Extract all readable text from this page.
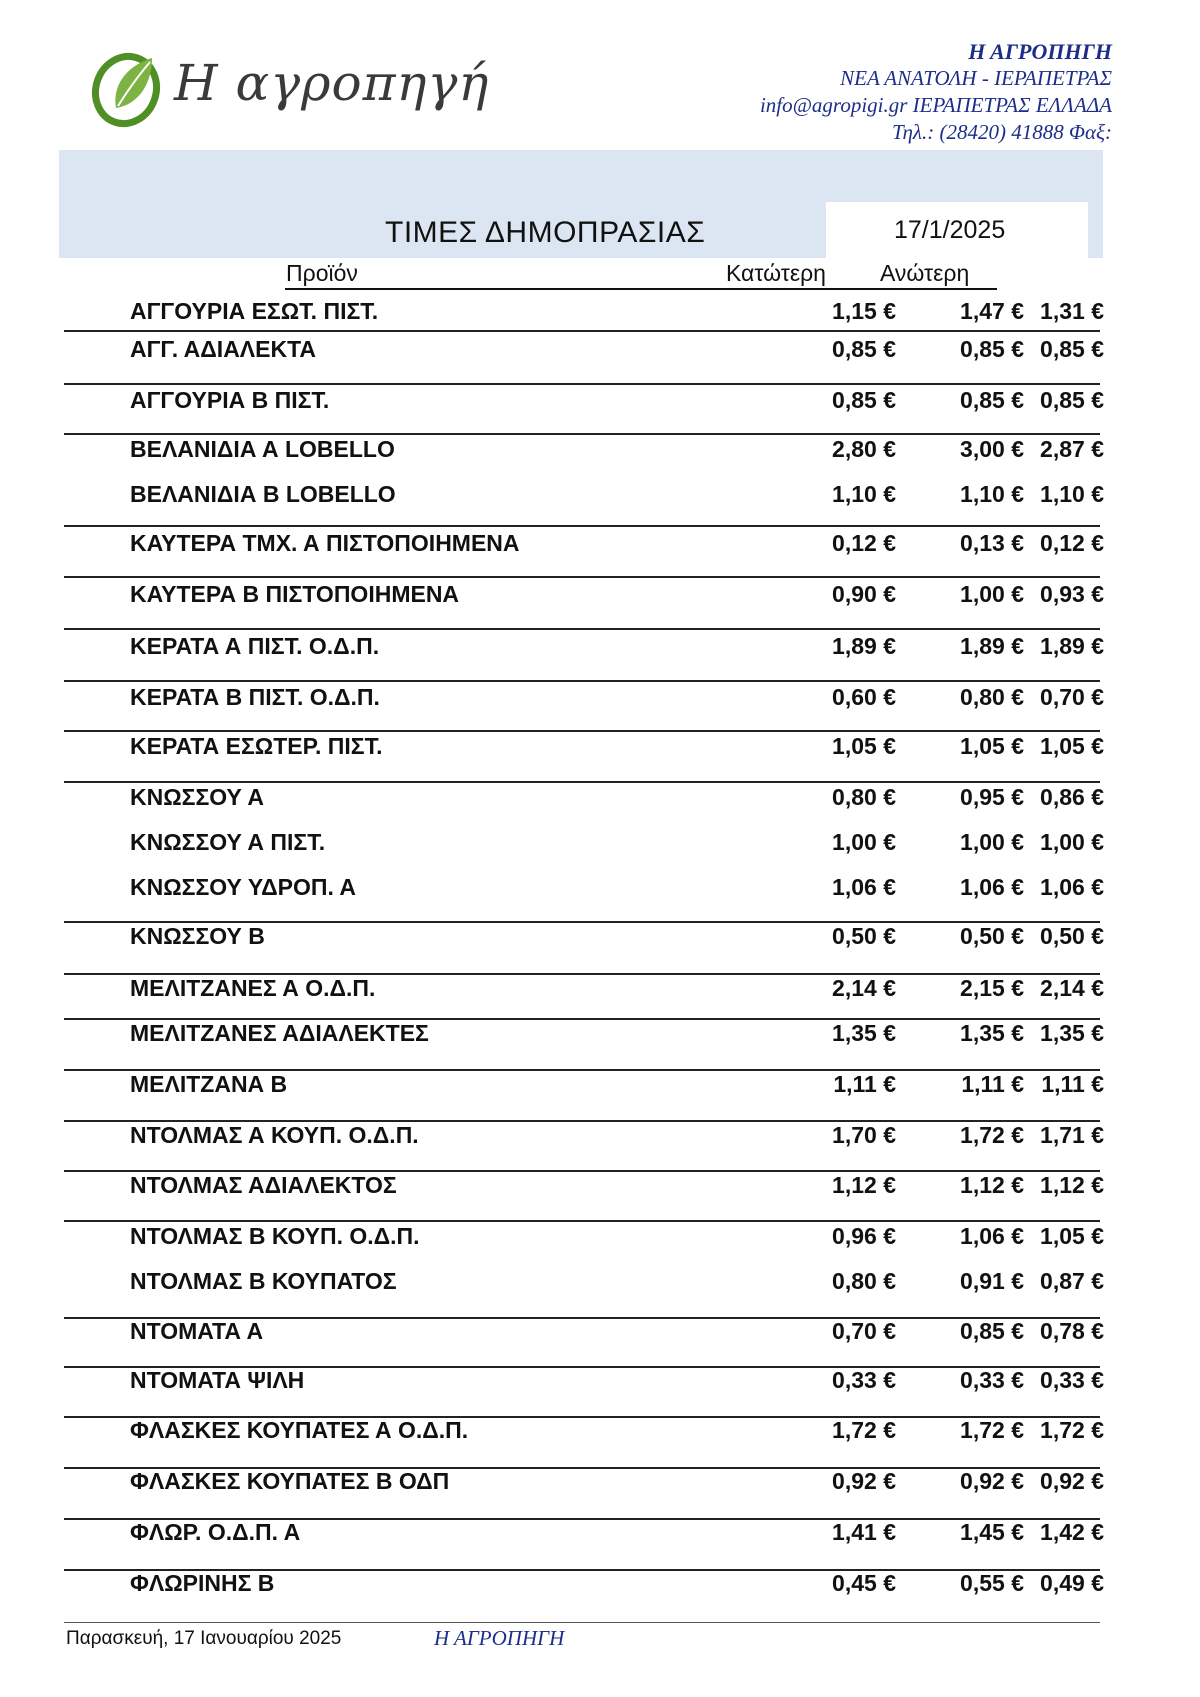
Η αγροπηγή
Η ΑΓΡΟΠΗΓΗ
ΝΕΑ ΑΝΑΤΟΛΗ - ΙΕΡΑΠΕΤΡΑΣ
info@agropigi.gr ΙΕΡΑΠΕΤΡΑΣ ΕΛΛΑΔΑ
Τηλ.: (28420) 41888 Φαξ:
17/1/2025
ΤΙΜΕΣ ΔΗΜΟΠΡΑΣΙΑΣ
Προϊόν	Κατώτερη Ανώτερη
ΑΓΓΟΥΡΙΑ ΕΣΩΤ. ΠΙΣΤ.	1,15 €	1,47 € 1,31 €
ΑΓΓ. ΑΔΙΑΛΕΚΤΑ	0,85 €	0,85 € 0,85 €
ΑΓΓΟΥΡΙΑ Β ΠΙΣΤ.	0,85 €	0,85 € 0,85 €
ΒΕΛΑΝΙΔΙΑ Α LOBELLO	2,80 €	3,00 € 2,87 €
ΒΕΛΑΝΙΔΙΑ Β LOBELLO	1,10 €	1,10 € 1,10 €
ΚΑΥΤΕΡΑ ΤΜΧ. Α ΠΙΣΤΟΠΟΙΗΜΕΝΑ	0,12 €	0,13 € 0,12 €
ΚΑΥΤΕΡΑ Β ΠΙΣΤΟΠΟΙΗΜΕΝΑ	0,90 €	1,00 € 0,93 €
ΚΕΡΑΤΑ Α ΠΙΣΤ. Ο.Δ.Π.	1,89 €	1,89 € 1,89 €
ΚΕΡΑΤΑ Β ΠΙΣΤ. Ο.Δ.Π.	0,60 €	0,80 € 0,70 €
ΚΕΡΑΤΑ ΕΣΩΤΕΡ. ΠΙΣΤ.	1,05 €	1,05 € 1,05 €
ΚΝΩΣΣΟΥ Α	0,80 €	0,95 € 0,86 €
ΚΝΩΣΣΟΥ Α ΠΙΣΤ.	1,00 €	1,00 € 1,00 €
ΚΝΩΣΣΟΥ ΥΔΡΟΠ. Α	1,06 €	1,06 € 1,06 €
ΚΝΩΣΣΟΥ Β	0,50 €	0,50 € 0,50 €
ΜΕΛΙΤΖΑΝΕΣ Α Ο.Δ.Π.	2,14 €	2,15 € 2,14 €
ΜΕΛΙΤΖΑΝΕΣ ΑΔΙΑΛΕΚΤΕΣ	1,35 €	1,35 € 1,35 €
ΜΕΛΙΤΖΑΝΑ Β	1,11 €	1,11 € 1,11 €
ΝΤΟΛΜΑΣ Α ΚΟΥΠ. Ο.Δ.Π.	1,70 €	1,72 € 1,71 €
ΝΤΟΛΜΑΣ ΑΔΙΑΛΕΚΤΟΣ	1,12 €	1,12 € 1,12 €
ΝΤΟΛΜΑΣ Β ΚΟΥΠ. Ο.Δ.Π.	0,96 €	1,06 € 1,05 €
ΝΤΟΛΜΑΣ Β ΚΟΥΠΑΤΟΣ	0,80 €	0,91 € 0,87 €
ΝΤΟΜΑΤΑ Α	0,70 €	0,85 € 0,78 €
ΝΤΟΜΑΤΑ ΨΙΛΗ	0,33 €	0,33 € 0,33 €
ΦΛΑΣΚΕΣ ΚΟΥΠΑΤΕΣ Α Ο.Δ.Π.	1,72 €	1,72 € 1,72 €
ΦΛΑΣΚΕΣ ΚΟΥΠΑΤΕΣ Β ΟΔΠ	0,92 €	0,92 € 0,92 €
ΦΛΩΡ. Ο.Δ.Π. Α	1,41 €	1,45 € 1,42 €
ΦΛΩΡΙΝΗΣ Β	0,45 €	0,55 € 0,49 €
Παρασκευή, 17 Ιανουαρίου 2025	Η ΑΓΡΟΠΗΓΗ
